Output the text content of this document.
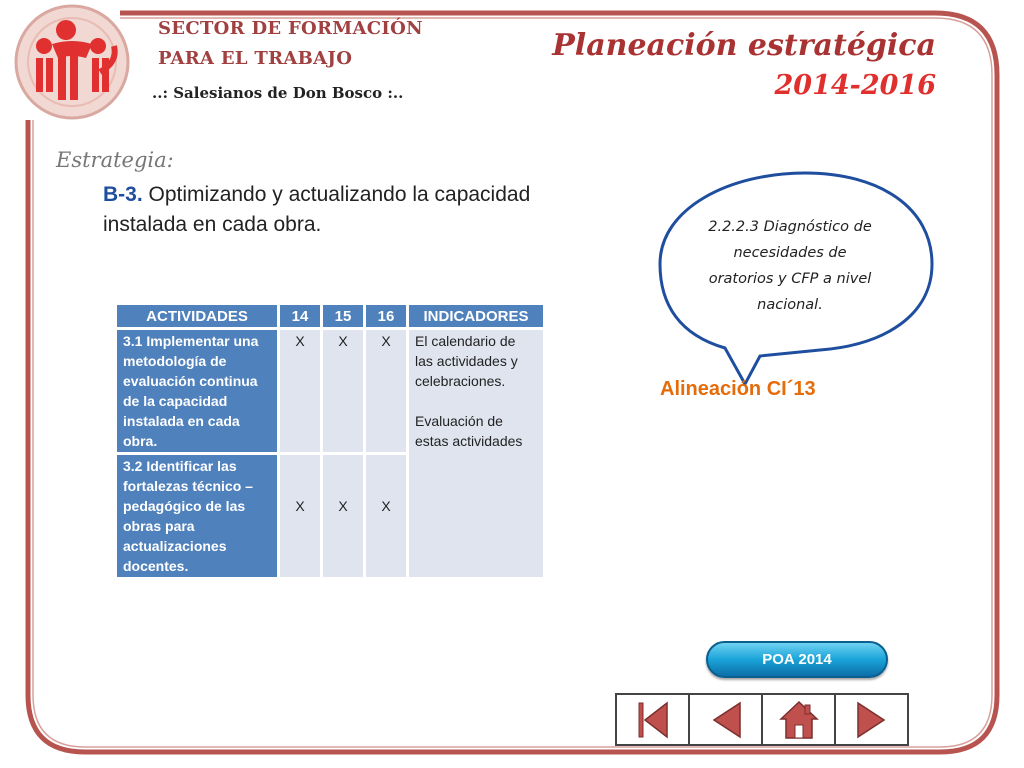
SECTOR DE FORMACIÓN
PARA EL TRABAJO
..: Salesianos de Don Bosco :..
Planeación estratégica
2014-2016
Estrategia:
B-3. Optimizando y actualizando la capacidad instalada en cada obra.
ACTIVIDADES	14	15	16	INDICADORES
3.1 Implementar una metodología de evaluación continua de la capacidad instalada en cada obra.	X	X	X	El calendario de las actividades y celebraciones.
Evaluación de estas actividades
3.2 Identificar las fortalezas técnico – pedagógico de las obras para actualizaciones docentes.	X	X	X	
2.2.2.3 Diagnóstico de necesidades de oratorios y CFP a nivel nacional.
Alineación CI´13
POA 2014
